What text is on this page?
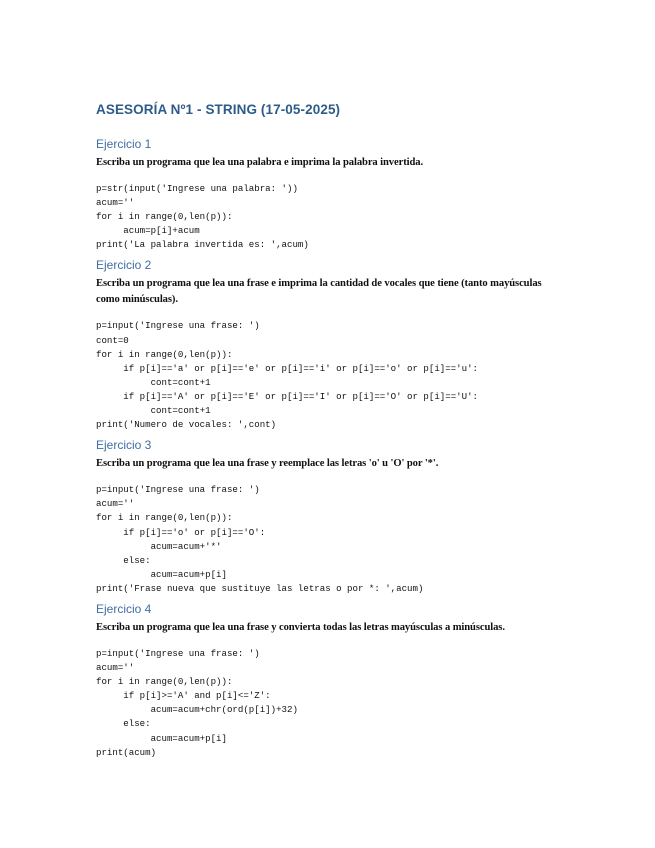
ASESORÍA Nº1 - STRING (17-05-2025)
Ejercicio 1

Escriba un programa que lea una palabra e imprima la palabra invertida.

p=str(input('Ingrese una palabra: '))
acum=''
for i in range(0,len(p)):
acum=p[i]+acum
print('La palabra invertida es: ',acum)
Ejercicio 2

Escriba un programa que lea una frase e imprima la cantidad de vocales que tiene (tanto mayúsculas como minúsculas).

p=input('Ingrese una frase: ')
cont=0
for i in range(0,len(p)):
if p[i]=='a' or p[i]=='e' or p[i]=='i' or p[i]=='o' or p[i]=='u':
cont=cont+1
if p[i]=='A' or p[i]=='E' or p[i]=='I' or p[i]=='O' or p[i]=='U':
cont=cont+1
print('Numero de vocales: ',cont)
Ejercicio 3

Escriba un programa que lea una frase y reemplace las letras 'o' u 'O' por '*'.

p=input('Ingrese una frase: ')
acum=''
for i in range(0,len(p)):
if p[i]=='o' or p[i]=='O':
acum=acum+'*'
else:
acum=acum+p[i]
print('Frase nueva que sustituye las letras o por *: ',acum)
Ejercicio 4

Escriba un programa que lea una frase y convierta todas las letras mayúsculas a minúsculas.

p=input('Ingrese una frase: ')
acum=''
for i in range(0,len(p)):
if p[i]>='A' and p[i]<='Z':
acum=acum+chr(ord(p[i])+32)
else:
acum=acum+p[i]
print(acum)
